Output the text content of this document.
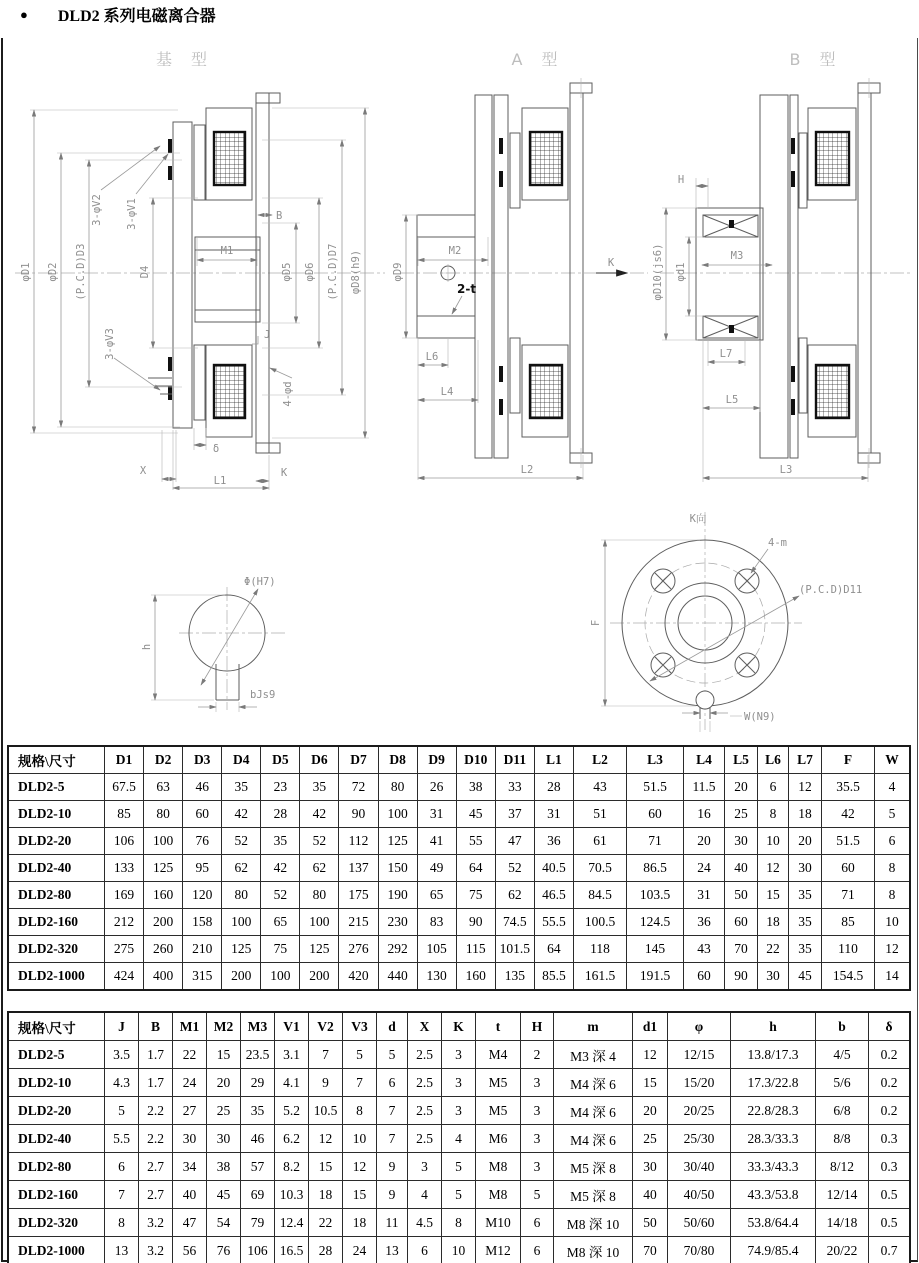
● DLD2 系列电磁离合器
基 型	A 型	B 型
φD1 φD2 (P.C.D)D3	D4
3-φV2 3-φV1
3-φV3
B
M1
φD5 φD6 (P.C.D)D7 φD8(h9)
J
4-φd
X
δ
K
L1
φD9
M2
2-t
L6
L4
L2
K
H
φD10(js6) φd1
M3
L7
L5
L3
Φ(H7)
h
bJs9
K向
4-m
(P.C.D)D11
F
W(N9)
规格\尺寸	D1	D2	D3	D4	D5	D6	D7	D8	D9	D10	D11	L1	L2	L3	L4	L5	L6	L7	F	W
DLD2-5	67.5	63	46	35	23	35	72	80	26	38	33	28	43	51.5	11.5	20	6	12	35.5	4
DLD2-10	85	80	60	42	28	42	90	100	31	45	37	31	51	60	16	25	8	18	42	5
DLD2-20	106	100	76	52	35	52	112	125	41	55	47	36	61	71	20	30	10	20	51.5	6
DLD2-40	133	125	95	62	42	62	137	150	49	64	52	40.5	70.5	86.5	24	40	12	30	60	8
DLD2-80	169	160	120	80	52	80	175	190	65	75	62	46.5	84.5	103.5	31	50	15	35	71	8
DLD2-160	212	200	158	100	65	100	215	230	83	90	74.5	55.5	100.5	124.5	36	60	18	35	85	10
DLD2-320	275	260	210	125	75	125	276	292	105	115	101.5	64	118	145	43	70	22	35	110	12
DLD2-1000	424	400	315	200	100	200	420	440	130	160	135	85.5	161.5	191.5	60	90	30	45	154.5	14
规格\尺寸	J	B	M1	M2	M3	V1	V2	V3	d	X	K	t	H	m	d1	φ	h	b	δ
DLD2-5	3.5	1.7	22	15	23.5	3.1	7	5	5	2.5	3	M4	2	M3 深 4	12	12/15	13.8/17.3	4/5	0.2
DLD2-10	4.3	1.7	24	20	29	4.1	9	7	6	2.5	3	M5	3	M4 深 6	15	15/20	17.3/22.8	5/6	0.2
DLD2-20	5	2.2	27	25	35	5.2	10.5	8	7	2.5	3	M5	3	M4 深 6	20	20/25	22.8/28.3	6/8	0.2
DLD2-40	5.5	2.2	30	30	46	6.2	12	10	7	2.5	4	M6	3	M4 深 6	25	25/30	28.3/33.3	8/8	0.3
DLD2-80	6	2.7	34	38	57	8.2	15	12	9	3	5	M8	3	M5 深 8	30	30/40	33.3/43.3	8/12	0.3
DLD2-160	7	2.7	40	45	69	10.3	18	15	9	4	5	M8	5	M5 深 8	40	40/50	43.3/53.8	12/14	0.5
DLD2-320	8	3.2	47	54	79	12.4	22	18	11	4.5	8	M10	6	M8 深 10	50	50/60	53.8/64.4	14/18	0.5
DLD2-1000	13	3.2	56	76	106	16.5	28	24	13	6	10	M12	6	M8 深 10	70	70/80	74.9/85.4	20/22	0.7
